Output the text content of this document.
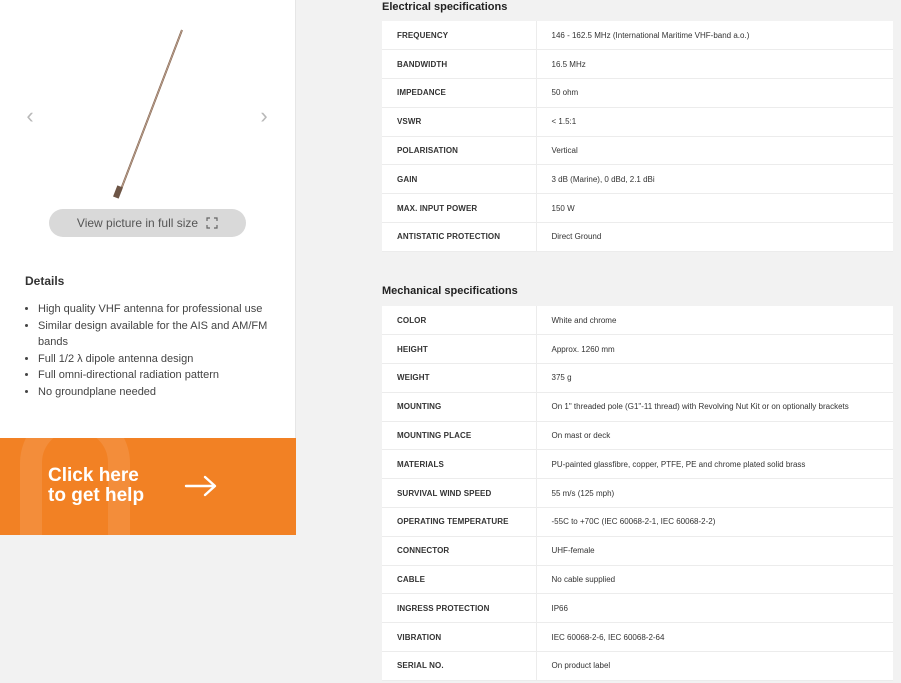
‹	›
View picture in full size
Details
• High quality VHF antenna for professional use
• Similar design available for the AIS and AM/FM bands
• Full 1/2 λ dipole antenna design
• Full omni-directional radiation pattern
• No groundplane needed
Click here
to get help
Electrical specifications
FREQUENCY	146 - 162.5 MHz (International Maritime VHF-band a.o.)
BANDWIDTH	16.5 MHz
IMPEDANCE	50 ohm
VSWR	< 1.5:1
POLARISATION	Vertical
GAIN	3 dB (Marine), 0 dBd, 2.1 dBi
MAX. INPUT POWER	150 W
ANTISTATIC PROTECTION	Direct Ground
Mechanical specifications
COLOR	White and chrome
HEIGHT	Approx. 1260 mm
WEIGHT	375 g
MOUNTING	On 1" threaded pole (G1"-11 thread) with Revolving Nut Kit or on optionally brackets
MOUNTING PLACE	On mast or deck
MATERIALS	PU-painted glassfibre, copper, PTFE, PE and chrome plated solid brass
SURVIVAL WIND SPEED	55 m/s (125 mph)
OPERATING TEMPERATURE	-55C to +70C (IEC 60068-2-1, IEC 60068-2-2)
CONNECTOR	UHF-female
CABLE	No cable supplied
INGRESS PROTECTION	IP66
VIBRATION	IEC 60068-2-6, IEC 60068-2-64
SERIAL NO.	On product label
